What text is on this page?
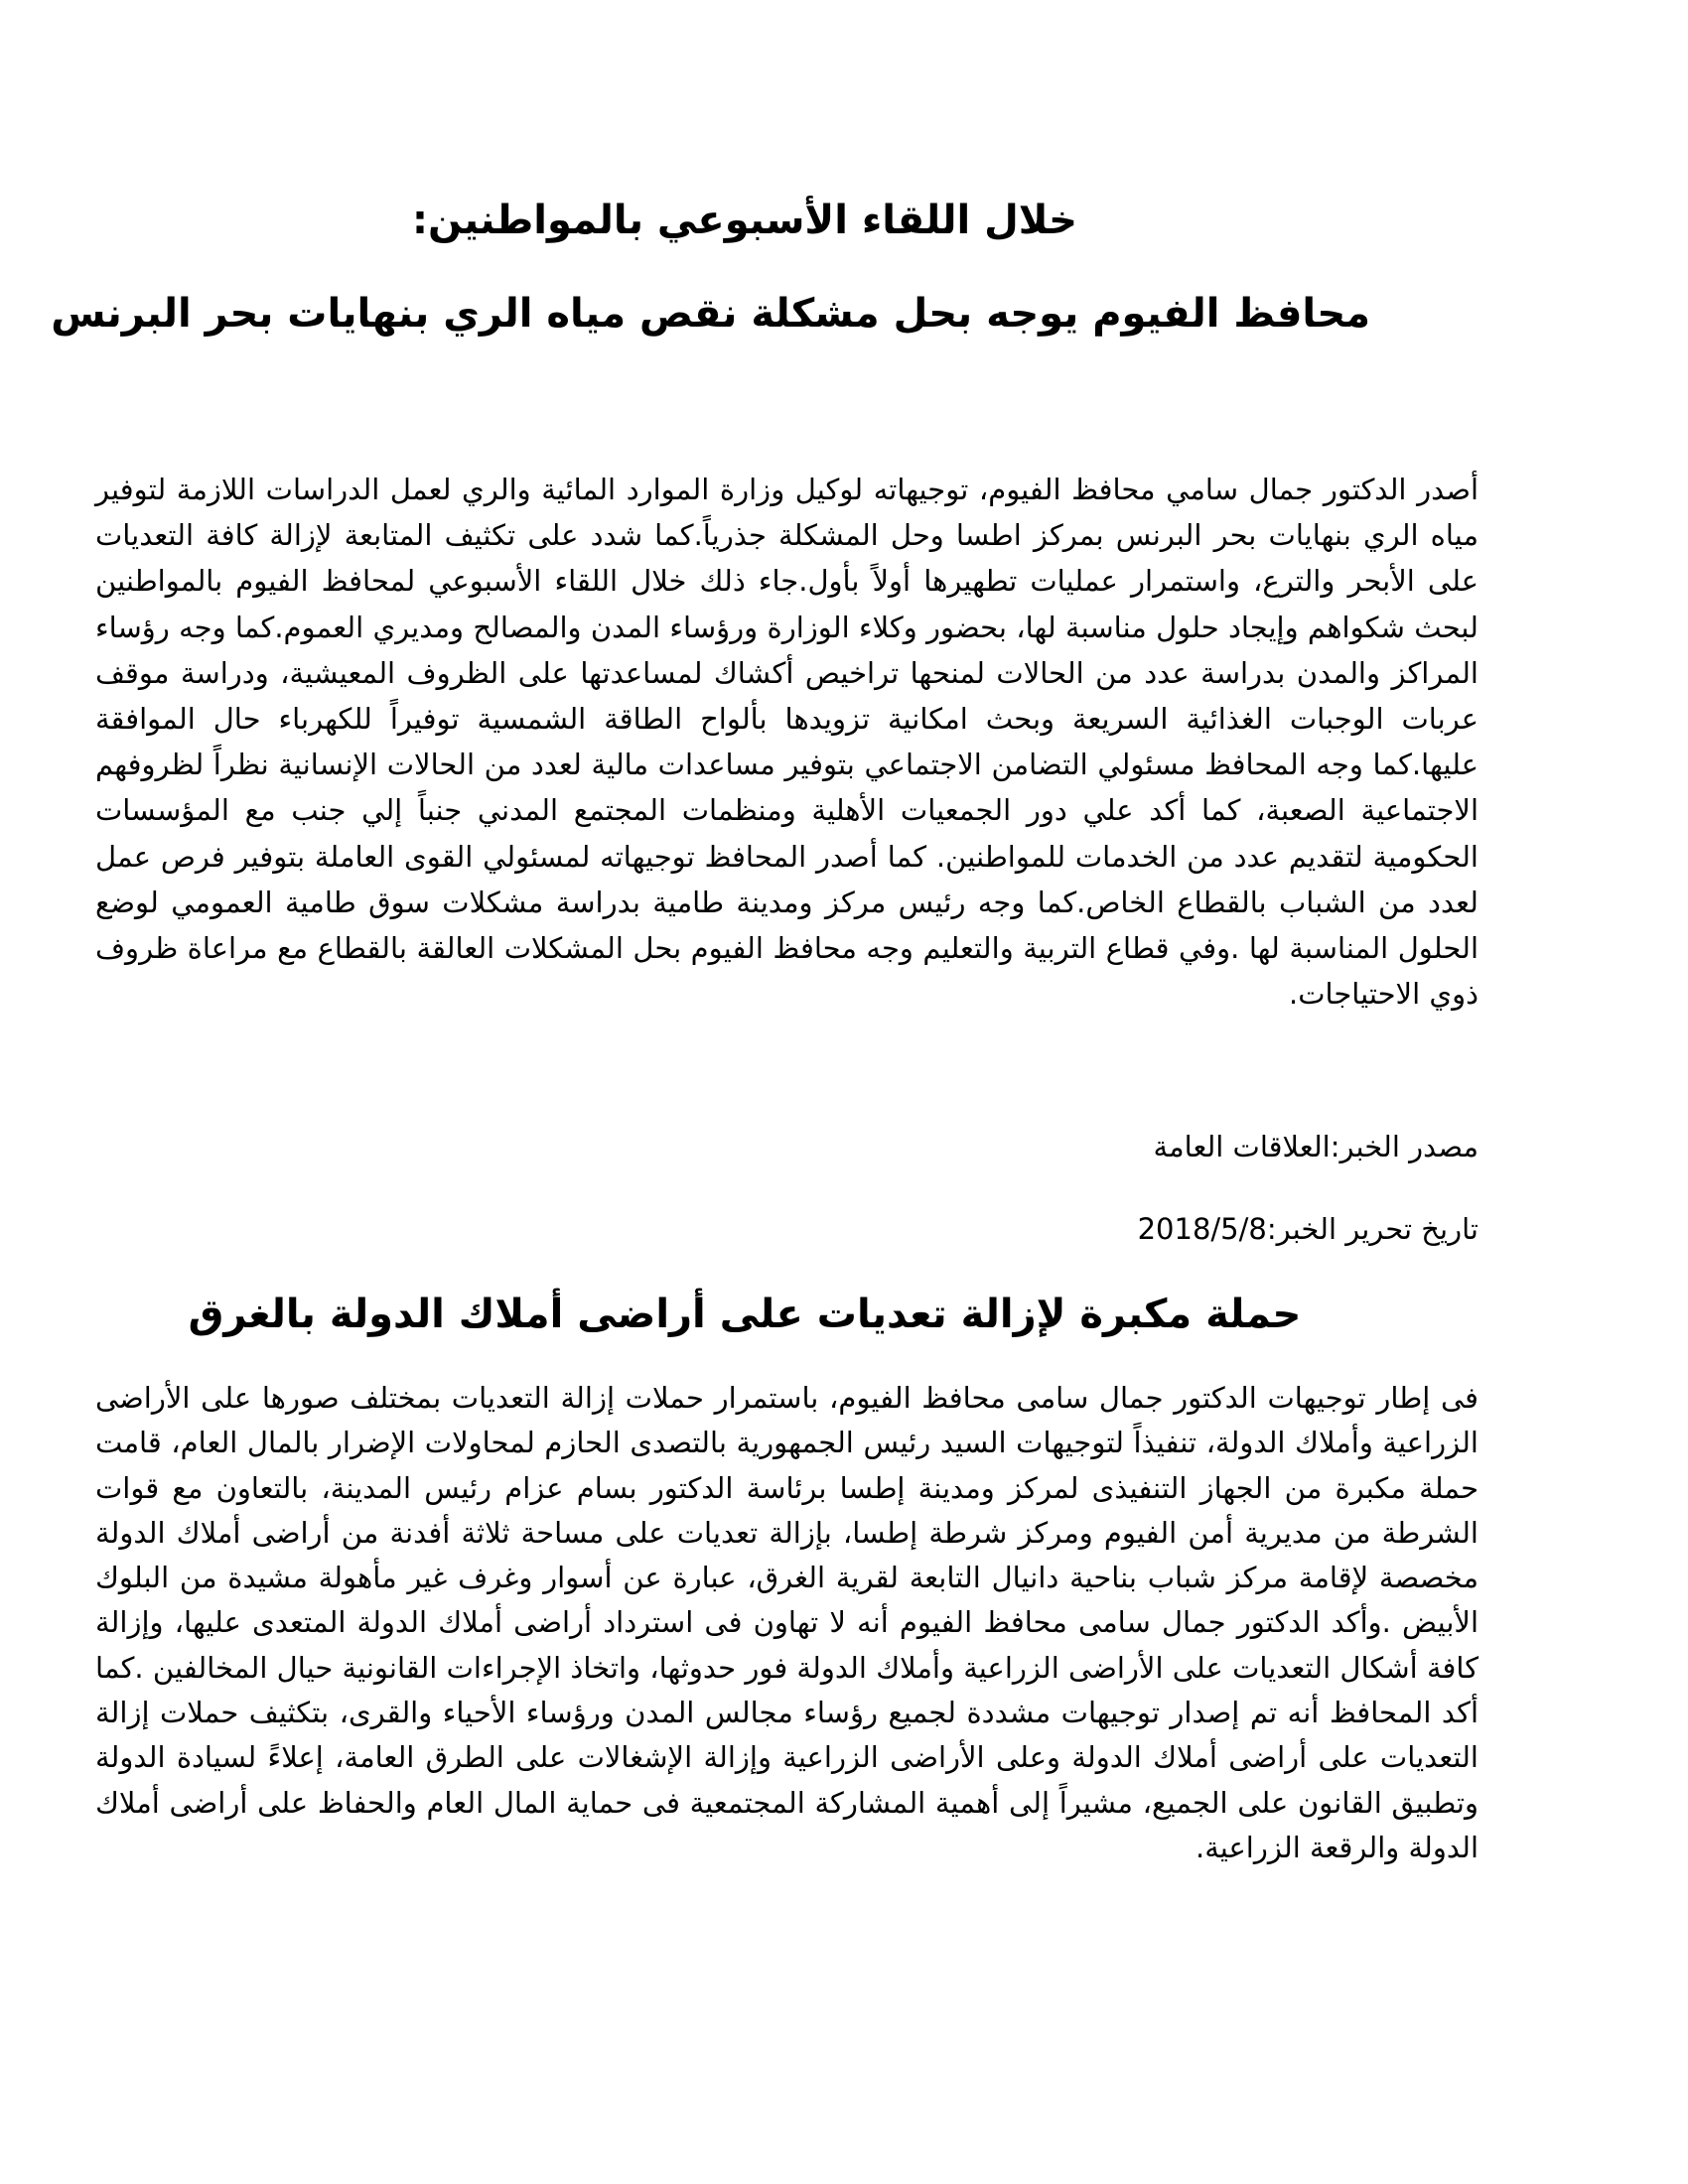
خلال اللقاء الأسبوعي بالمواطنين:
محافظ الفيوم يوجه بحل مشكلة نقص مياه الري بنهايات بحر البرنس

أصدر الدكتور جمال سامي محافظ الفيوم، توجيهاته لوكيل وزارة الموارد المائية والري لعمل الدراسات اللازمة لتوفير مياه الري بنهايات بحر البرنس بمركز اطسا وحل المشكلة جذرياً.كما شدد على تكثيف المتابعة لإزالة كافة التعديات على الأبحر والترع، واستمرار عمليات تطهيرها أولاً بأول.جاء ذلك خلال اللقاء الأسبوعي لمحافظ الفيوم بالمواطنين لبحث شكواهم وإيجاد حلول مناسبة لها، بحضور وكلاء الوزارة ورؤساء المدن والمصالح ومديري العموم.كما وجه رؤساء المراكز والمدن بدراسة عدد من الحالات لمنحها تراخيص أكشاك لمساعدتها على الظروف المعيشية، ودراسة موقف عربات الوجبات الغذائية السريعة وبحث امكانية تزويدها بألواح الطاقة الشمسية توفيراً للكهرباء حال الموافقة عليها.كما وجه المحافظ مسئولي التضامن الاجتماعي بتوفير مساعدات مالية لعدد من الحالات الإنسانية نظراً لظروفهم الاجتماعية الصعبة، كما أكد علي دور الجمعيات الأهلية ومنظمات المجتمع المدني جنباً إلي جنب مع المؤسسات الحكومية لتقديم عدد من الخدمات للمواطنين. كما أصدر المحافظ توجيهاته لمسئولي القوى العاملة بتوفير فرص عمل لعدد من الشباب بالقطاع الخاص.كما وجه رئيس مركز ومدينة طامية بدراسة مشكلات سوق طامية العمومي لوضع الحلول المناسبة لها .وفي قطاع التربية والتعليم وجه محافظ الفيوم بحل المشكلات العالقة بالقطاع مع مراعاة ظروف ذوي الاحتياجات.

مصدر الخبر:العلاقات العامة

تاريخ تحرير الخبر:2018/5/8

حملة مكبرة لإزالة تعديات على أراضى أملاك الدولة بالغرق

فى إطار توجيهات الدكتور جمال سامى محافظ الفيوم، باستمرار حملات إزالة التعديات بمختلف صورها على الأراضى الزراعية وأملاك الدولة، تنفيذاً لتوجيهات السيد رئيس الجمهورية بالتصدى الحازم لمحاولات الإضرار بالمال العام، قامت حملة مكبرة من الجهاز التنفيذى لمركز ومدينة إطسا برئاسة الدكتور بسام عزام رئيس المدينة، بالتعاون مع قوات الشرطة من مديرية أمن الفيوم ومركز شرطة إطسا، بإزالة تعديات على مساحة ثلاثة أفدنة من أراضى أملاك الدولة مخصصة لإقامة مركز شباب بناحية دانيال التابعة لقرية الغرق، عبارة عن أسوار وغرف غير مأهولة مشيدة من البلوك الأبيض .وأكد الدكتور جمال سامى محافظ الفيوم أنه لا تهاون فى استرداد أراضى أملاك الدولة المتعدى عليها، وإزالة كافة أشكال التعديات على الأراضى الزراعية وأملاك الدولة فور حدوثها، واتخاذ الإجراءات القانونية حيال المخالفين .كما أكد المحافظ أنه تم إصدار توجيهات مشددة لجميع رؤساء مجالس المدن ورؤساء الأحياء والقرى، بتكثيف حملات إزالة التعديات على أراضى أملاك الدولة وعلى الأراضى الزراعية وإزالة الإشغالات على الطرق العامة، إعلاءً لسيادة الدولة وتطبيق القانون على الجميع، مشيراً إلى أهمية المشاركة المجتمعية فى حماية المال العام والحفاظ على أراضى أملاك الدولة والرقعة الزراعية.
